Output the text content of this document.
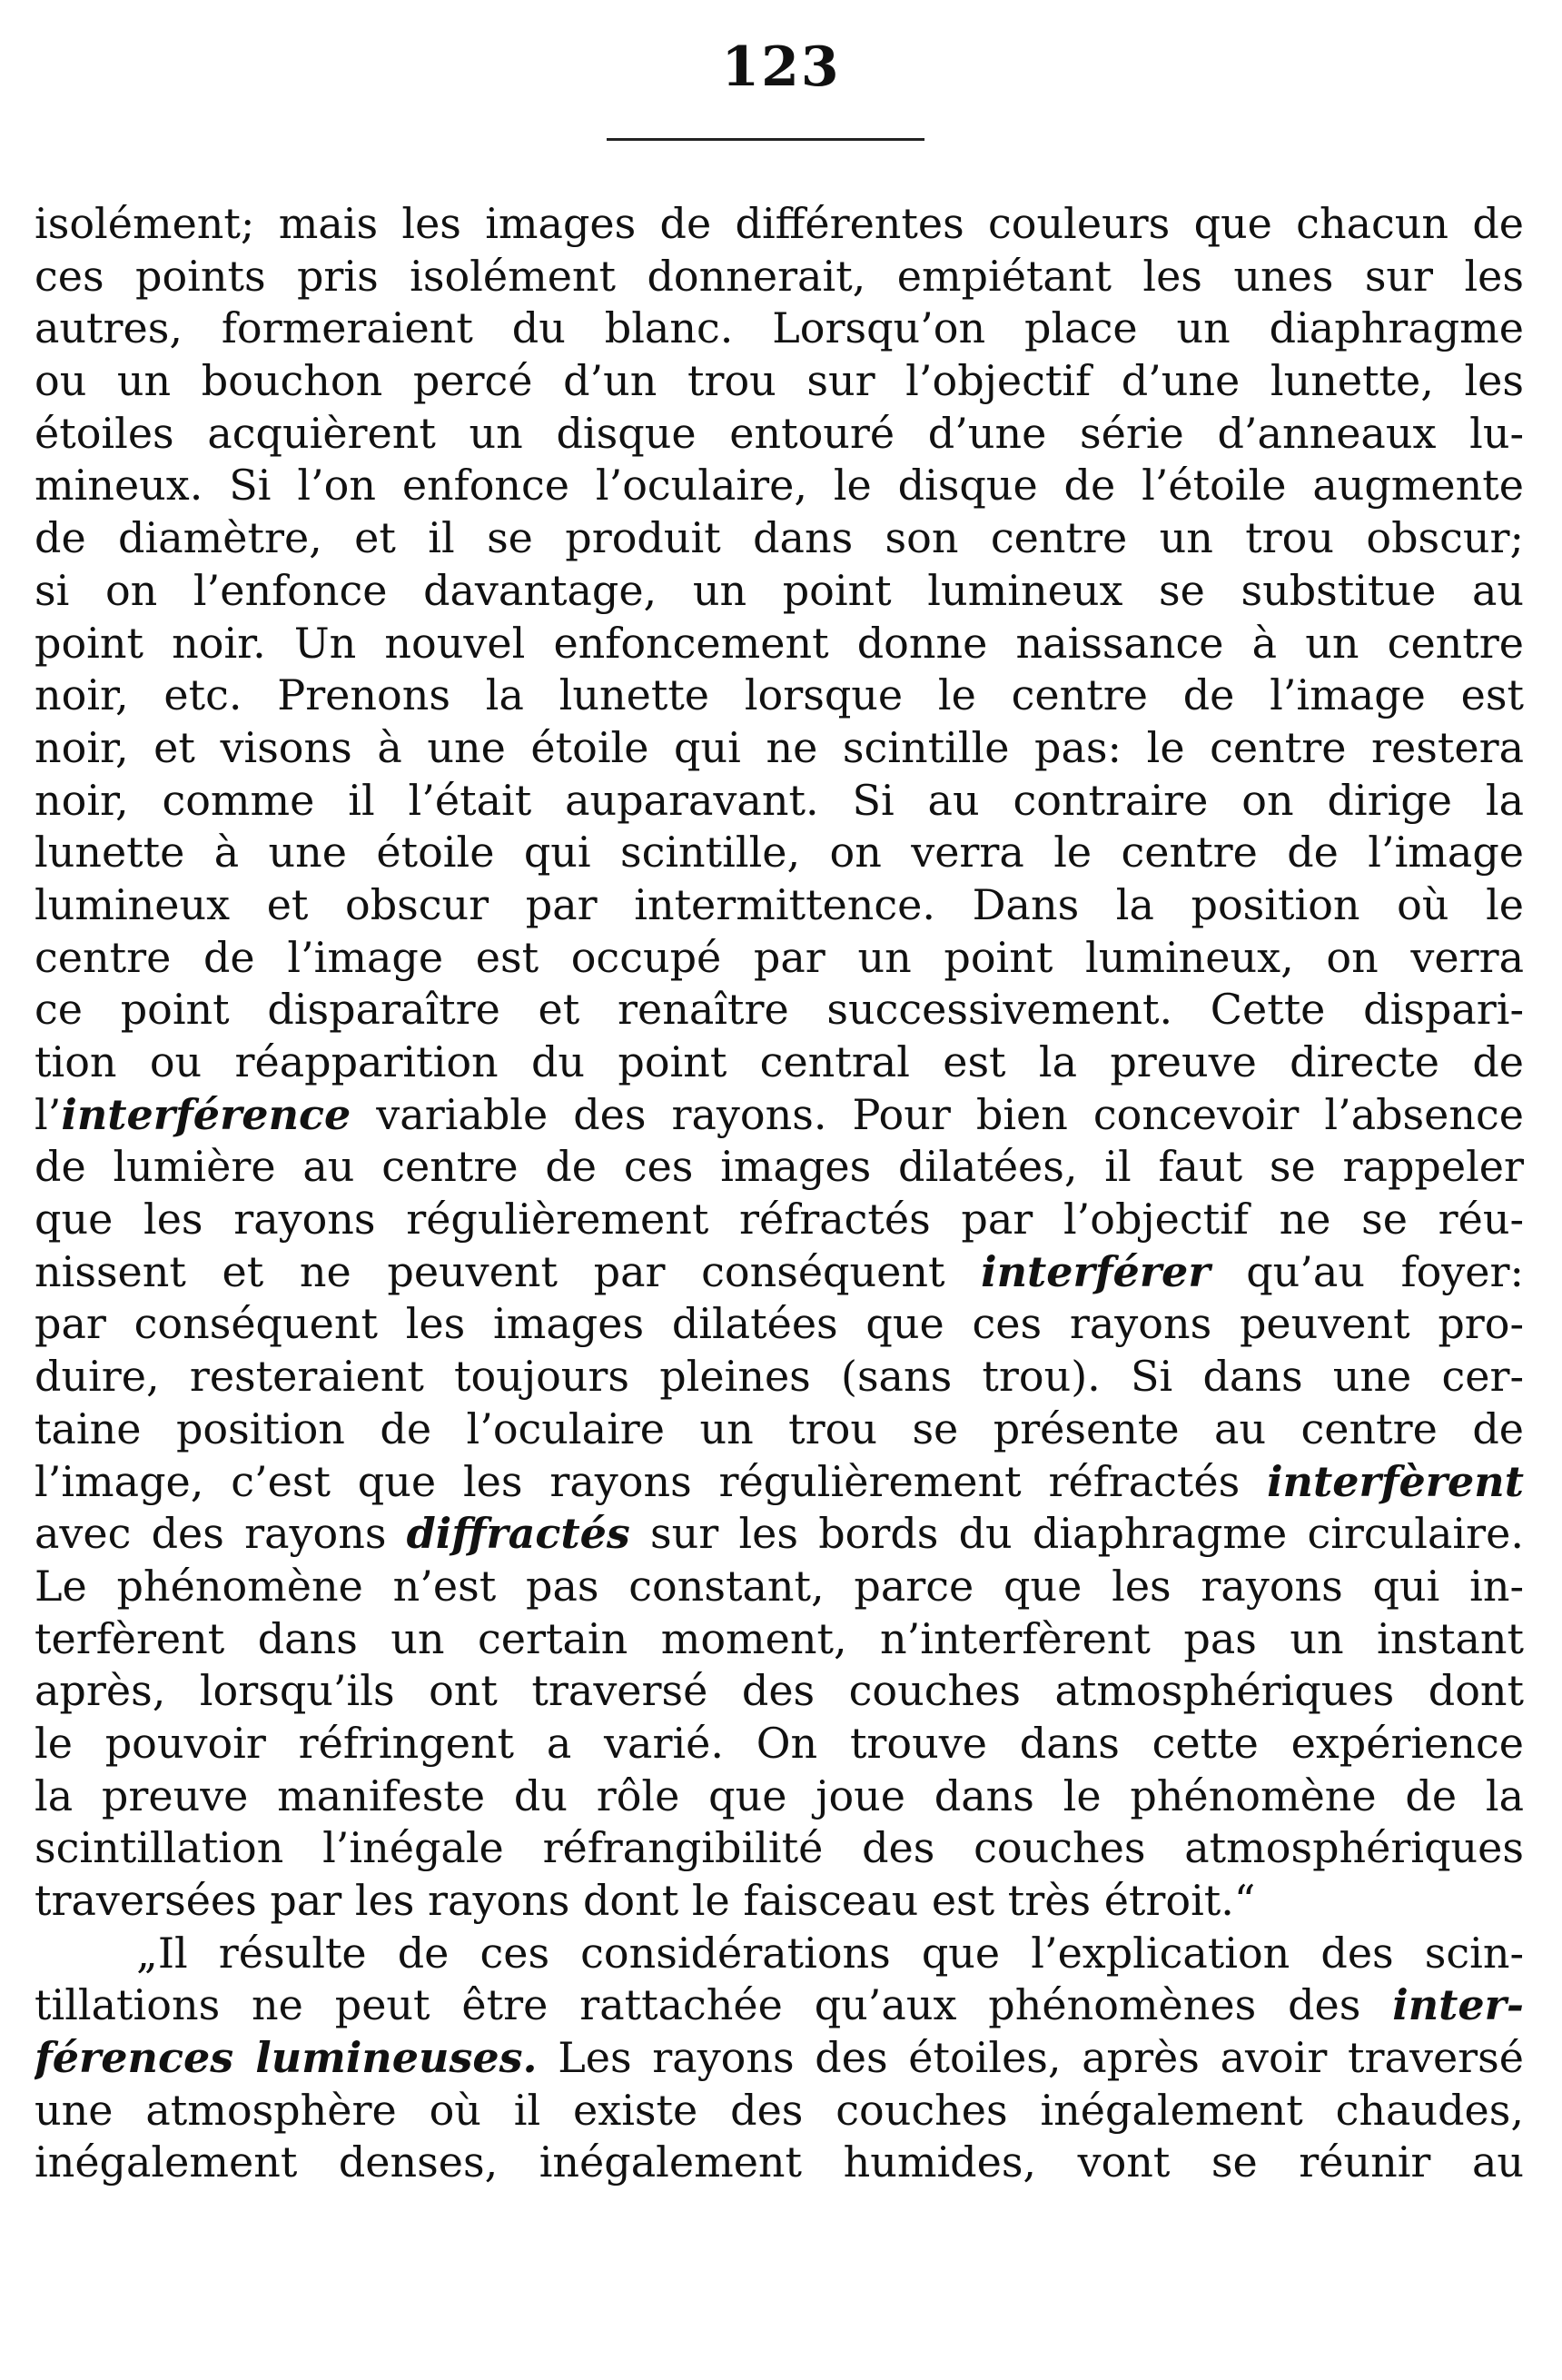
123
isolément; mais les images de différentes couleurs que chacun de
ces points pris isolément donnerait, empiétant les unes sur les
autres, formeraient du blanc. Lorsqu’on place un diaphragme
ou un bouchon percé d’un trou sur l’objectif d’une lunette, les
étoiles acquièrent un disque entouré d’une série d’anneaux lu-
mineux. Si l’on enfonce l’oculaire, le disque de l’étoile augmente
de diamètre, et il se produit dans son centre un trou obscur;
si on l’enfonce davantage, un point lumineux se substitue au
point noir. Un nouvel enfoncement donne naissance à un centre
noir, etc. Prenons la lunette lorsque le centre de l’image est
noir, et visons à une étoile qui ne scintille pas: le centre restera
noir, comme il l’était auparavant. Si au contraire on dirige la
lunette à une étoile qui scintille, on verra le centre de l’image
lumineux et obscur par intermittence. Dans la position où le
centre de l’image est occupé par un point lumineux, on verra
ce point disparaître et renaître successivement. Cette dispari-
tion ou réapparition du point central est la preuve directe de
l’interférence variable des rayons. Pour bien concevoir l’absence
de lumière au centre de ces images dilatées, il faut se rappeler
que les rayons régulièrement réfractés par l’objectif ne se réu-
nissent et ne peuvent par conséquent interférer qu’au foyer:
par conséquent les images dilatées que ces rayons peuvent pro-
duire, resteraient toujours pleines (sans trou). Si dans une cer-
taine position de l’oculaire un trou se présente au centre de
l’image, c’est que les rayons régulièrement réfractés interfèrent
avec des rayons diffractés sur les bords du diaphragme circulaire.
Le phénomène n’est pas constant, parce que les rayons qui in-
terfèrent dans un certain moment, n’interfèrent pas un instant
après, lorsqu’ils ont traversé des couches atmosphériques dont
le pouvoir réfringent a varié. On trouve dans cette expérience
la preuve manifeste du rôle que joue dans le phénomène de la
scintillation l’inégale réfrangibilité des couches atmosphériques
traversées par les rayons dont le faisceau est très étroit.“
„Il résulte de ces considérations que l’explication des scin-
tillations ne peut être rattachée qu’aux phénomènes des inter-
férences lumineuses. Les rayons des étoiles, après avoir traversé
une atmosphère où il existe des couches inégalement chaudes,
inégalement denses, inégalement humides, vont se réunir au
